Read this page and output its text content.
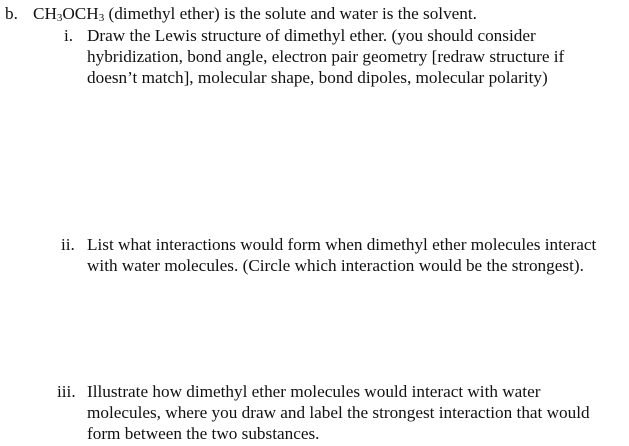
b. $CH_3OCH_3$ (dimethyl ether) is the solute and water is the solvent.
i. Draw the Lewis structure of dimethyl ether. (you should consider
hybridization, bond angle, electron pair geometry [redraw structure if
doesn’t match], molecular shape, bond dipoles, molecular polarity)
ii. List what interactions would form when dimethyl ether molecules interact
with water molecules. (Circle which interaction would be the strongest).
iii. Illustrate how dimethyl ether molecules would interact with water
molecules, where you draw and label the strongest interaction that would
form between the two substances.
